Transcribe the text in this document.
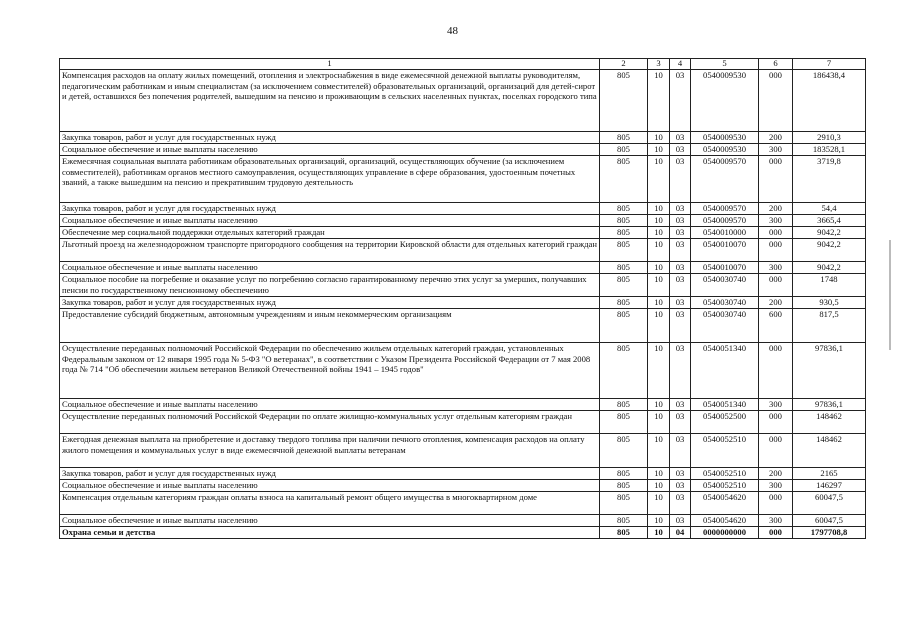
48
1	2	3	4	5	6	7
Компенсация расходов на оплату жилых помещений, отопления и электроснабжения в виде ежемесячной денежной выплаты руководителям, педагогическим работникам и иным специалистам (за исключением совместителей) образовательных организаций, организаций для детей-сирот и детей, оставшихся без попечения родителей, вышедшим на пенсию и проживающим в сельских населенных пунктах, поселках городского типа	805	10	03	0540009530	000	186438,4
Закупка товаров, работ и услуг для государственных нужд	805	10	03	0540009530	200	2910,3
Социальное обеспечение и иные выплаты населению	805	10	03	0540009530	300	183528,1
Ежемесячная социальная выплата работникам образовательных организаций, организаций, осуществляющих обучение (за исключением совместителей), работникам органов местного самоуправления, осуществляющих управление в сфере образования, удостоенным почетных званий, а также вышедшим на пенсию и прекратившим трудовую деятельность	805	10	03	0540009570	000	3719,8
Закупка товаров, работ и услуг для государственных нужд	805	10	03	0540009570	200	54,4
Социальное обеспечение и иные выплаты населению	805	10	03	0540009570	300	3665,4
Обеспечение мер социальной поддержки отдельных категорий граждан	805	10	03	0540010000	000	9042,2
Льготный проезд на железнодорожном транспорте пригородного сообщения на территории Кировской области для отдельных категорий граждан	805	10	03	0540010070	000	9042,2
Социальное обеспечение и иные выплаты населению	805	10	03	0540010070	300	9042,2
Социальное пособие на погребение и оказание услуг по погребению согласно гарантированному перечню этих услуг за умерших, получавших пенсии по государственному пенсионному обеспечению	805	10	03	0540030740	000	1748
Закупка товаров, работ и услуг для государственных нужд	805	10	03	0540030740	200	930,5
Предоставление субсидий бюджетным, автономным учреждениям и иным некоммерческим организациям	805	10	03	0540030740	600	817,5
Осуществление переданных полномочий Российской Федерации по обеспечению жильем отдельных категорий граждан, установленных Федеральным законом от 12 января 1995 года № 5-ФЗ "О ветеранах", в соответствии с Указом Президента Российской Федерации от 7 мая 2008 года № 714 "Об обеспечении жильем ветеранов Великой Отечественной войны 1941 – 1945 годов"	805	10	03	0540051340	000	97836,1
Социальное обеспечение и иные выплаты населению	805	10	03	0540051340	300	97836,1
Осуществление переданных полномочий Российской Федерации по оплате жилищно-коммунальных услуг отдельным категориям граждан	805	10	03	0540052500	000	148462
Ежегодная денежная выплата на приобретение и доставку твердого топлива при наличии печного отопления, компенсация расходов на оплату жилого помещения и коммунальных услуг в виде ежемесячной денежной выплаты ветеранам	805	10	03	0540052510	000	148462
Закупка товаров, работ и услуг для государственных нужд	805	10	03	0540052510	200	2165
Социальное обеспечение и иные выплаты населению	805	10	03	0540052510	300	146297
Компенсация отдельным категориям граждан оплаты взноса на капитальный ремонт общего имущества в многоквартирном доме	805	10	03	0540054620	000	60047,5
Социальное обеспечение и иные выплаты населению	805	10	03	0540054620	300	60047,5
Охрана семьи и детства	805	10	04	0000000000	000	1797708,8
